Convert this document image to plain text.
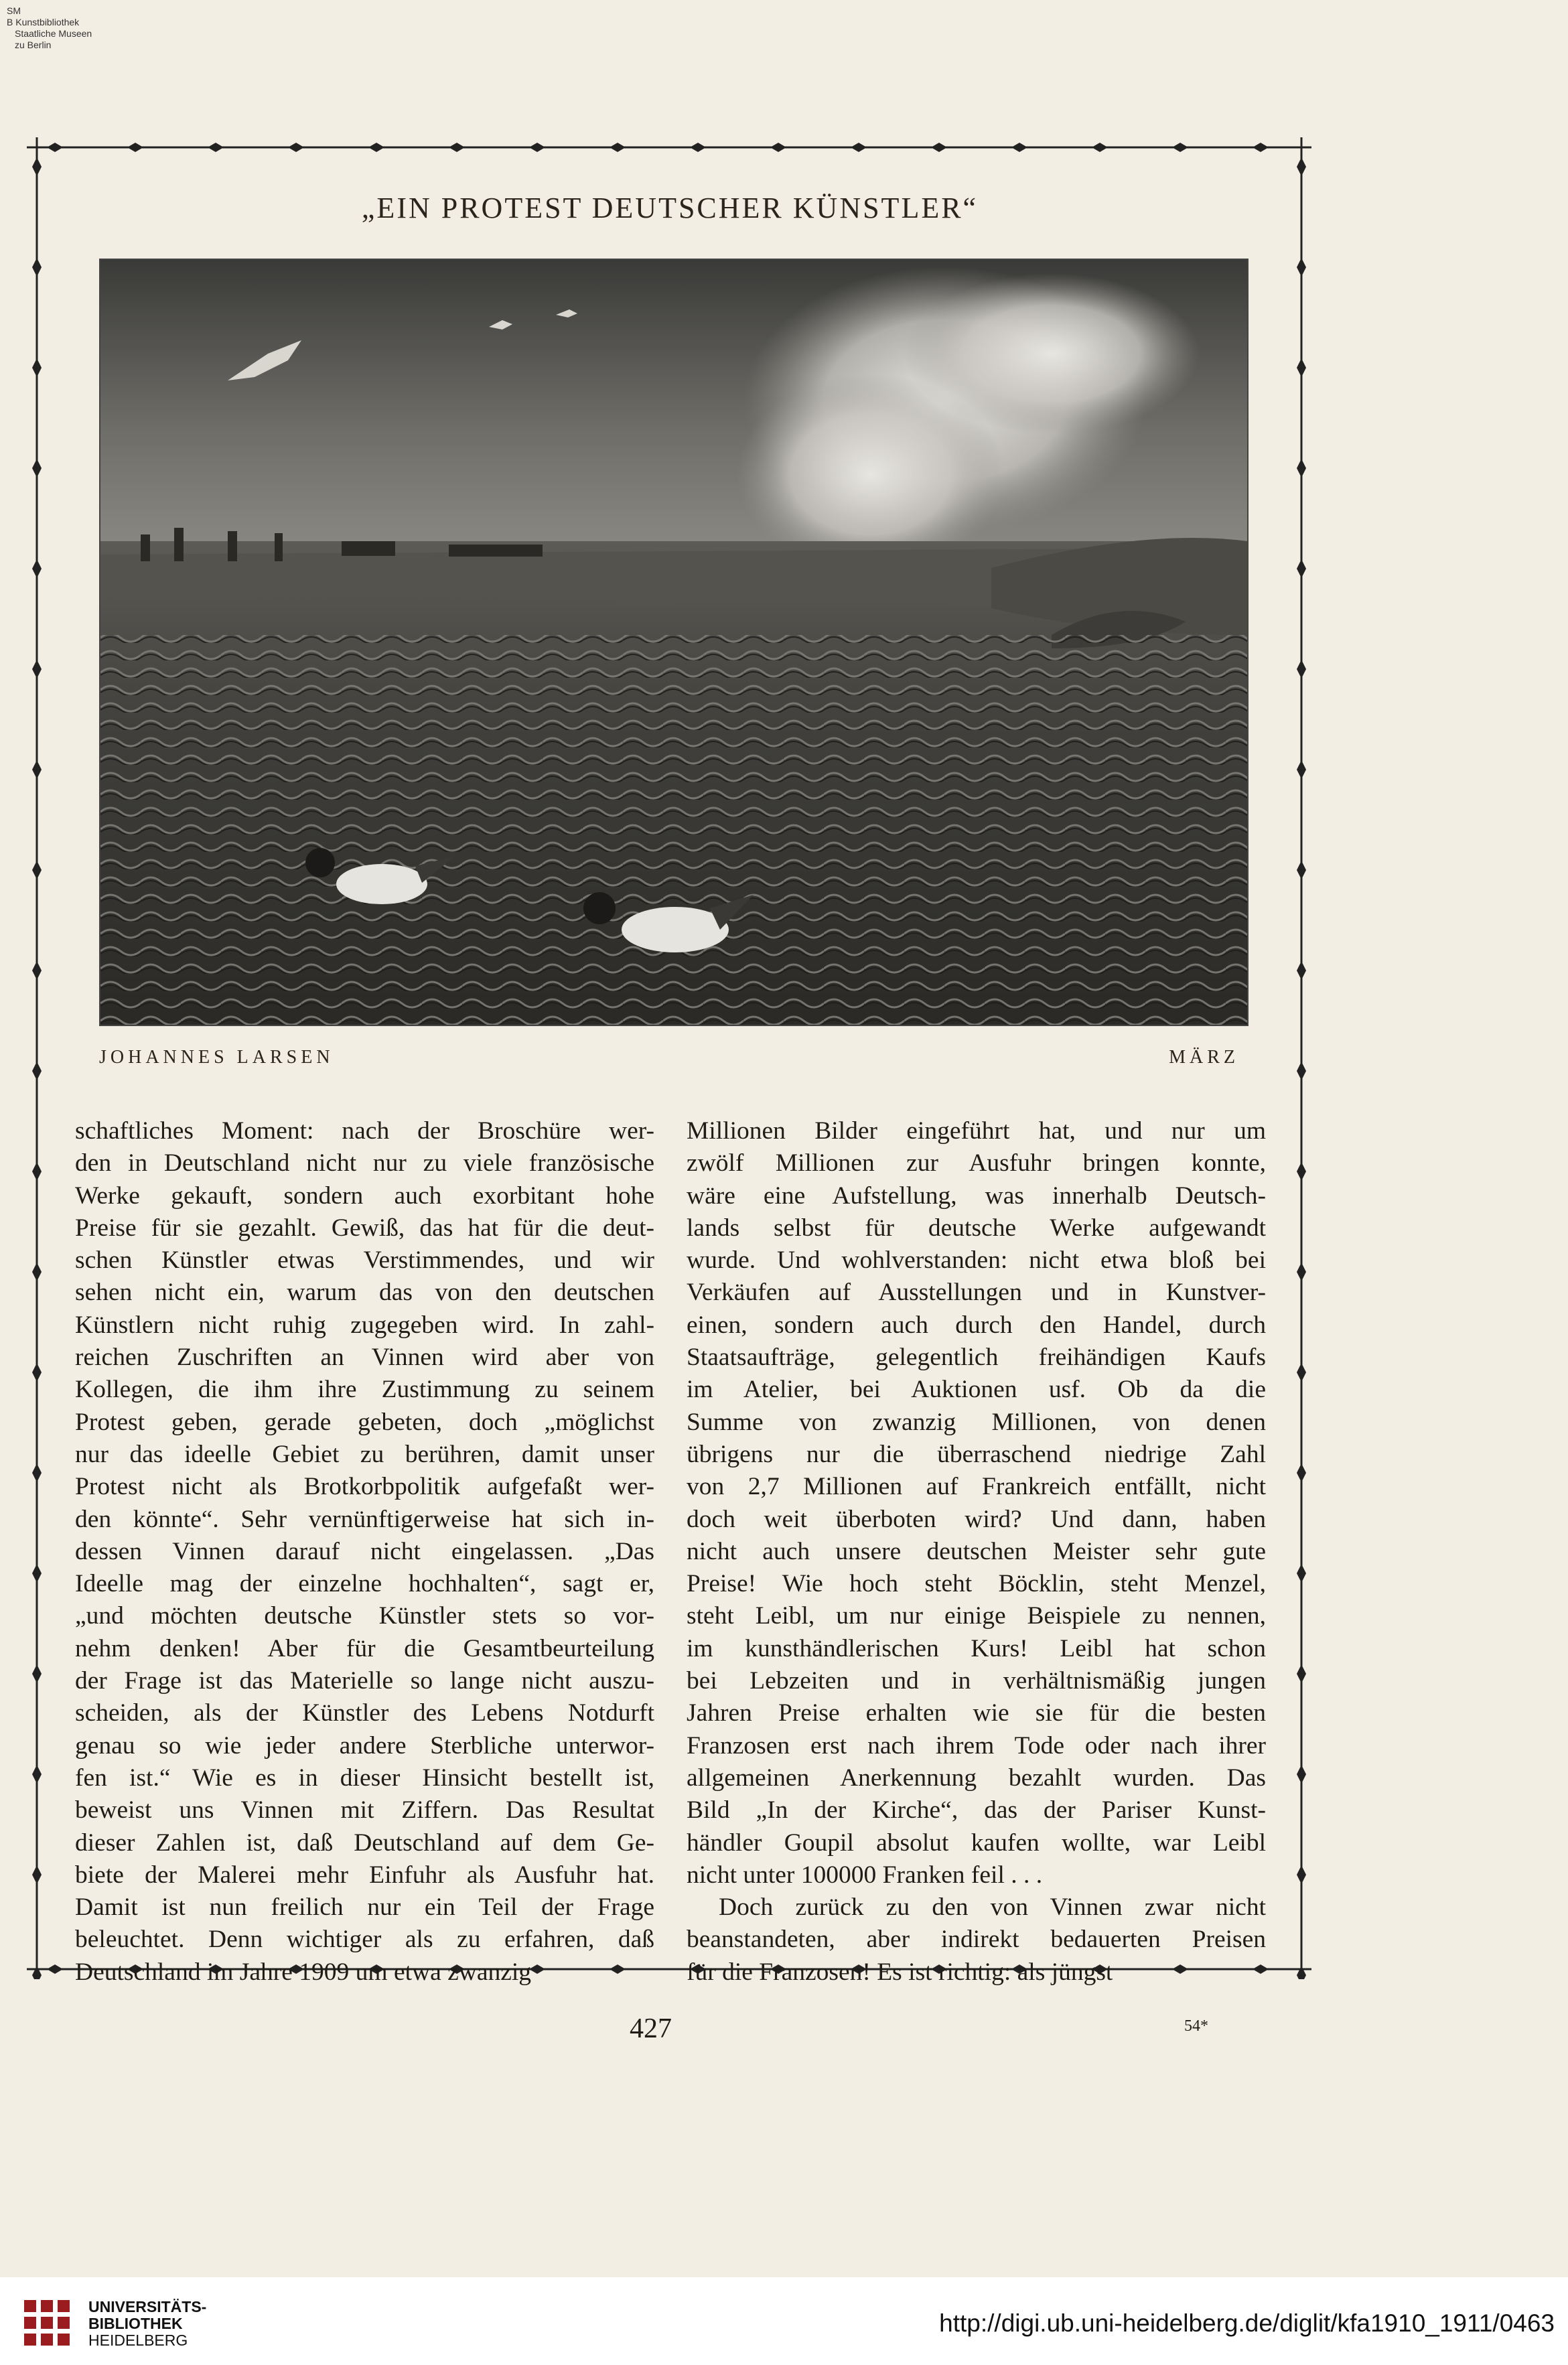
SM
B Kunstbibliothek
Staatliche Museen
zu Berlin
„EIN PROTEST DEUTSCHER KÜNSTLER“
JOHANNES LARSEN	MÄRZ
schaftliches Moment: nach der Broschüre wer-
den in Deutschland nicht nur zu viele französische
Werke gekauft, sondern auch exorbitant hohe
Preise für sie gezahlt. Gewiß, das hat für die deut-
schen Künstler etwas Verstimmendes, und wir
sehen nicht ein, warum das von den deutschen
Künstlern nicht ruhig zugegeben wird. In zahl-
reichen Zuschriften an Vinnen wird aber von
Kollegen, die ihm ihre Zustimmung zu seinem
Protest geben, gerade gebeten, doch „möglichst
nur das ideelle Gebiet zu berühren, damit unser
Protest nicht als Brotkorbpolitik aufgefaßt wer-
den könnte“. Sehr vernünftigerweise hat sich in-
dessen Vinnen darauf nicht eingelassen. „Das
Ideelle mag der einzelne hochhalten“, sagt er,
„und möchten deutsche Künstler stets so vor-
nehm denken! Aber für die Gesamtbeurteilung
der Frage ist das Materielle so lange nicht auszu-
scheiden, als der Künstler des Lebens Notdurft
genau so wie jeder andere Sterbliche unterwor-
fen ist.“ Wie es in dieser Hinsicht bestellt ist,
beweist uns Vinnen mit Ziffern. Das Resultat
dieser Zahlen ist, daß Deutschland auf dem Ge-
biete der Malerei mehr Einfuhr als Ausfuhr hat.
Damit ist nun freilich nur ein Teil der Frage
beleuchtet. Denn wichtiger als zu erfahren, daß
Deutschland im Jahre 1909 um etwa zwanzig
Millionen Bilder eingeführt hat, und nur um
zwölf Millionen zur Ausfuhr bringen konnte,
wäre eine Aufstellung, was innerhalb Deutsch-
lands selbst für deutsche Werke aufgewandt
wurde. Und wohlverstanden: nicht etwa bloß bei
Verkäufen auf Ausstellungen und in Kunstver-
einen, sondern auch durch den Handel, durch
Staatsaufträge, gelegentlich freihändigen Kaufs
im Atelier, bei Auktionen usf. Ob da die
Summe von zwanzig Millionen, von denen
übrigens nur die überraschend niedrige Zahl
von 2,7 Millionen auf Frankreich entfällt, nicht
doch weit überboten wird? Und dann, haben
nicht auch unsere deutschen Meister sehr gute
Preise! Wie hoch steht Böcklin, steht Menzel,
steht Leibl, um nur einige Beispiele zu nennen,
im kunsthändlerischen Kurs! Leibl hat schon
bei Lebzeiten und in verhältnismäßig jungen
Jahren Preise erhalten wie sie für die besten
Franzosen erst nach ihrem Tode oder nach ihrer
allgemeinen Anerkennung bezahlt wurden. Das
Bild „In der Kirche“, das der Pariser Kunst-
händler Goupil absolut kaufen wollte, war Leibl
nicht unter 100000 Franken feil . . .
Doch zurück zu den von Vinnen zwar nicht
beanstandeten, aber indirekt bedauerten Preisen
für die Franzosen! Es ist richtig: als jüngst
427	54*
UNIVERSITÄTS-
BIBLIOTHEK
HEIDELBERG
http://digi.ub.uni-heidelberg.de/diglit/kfa1910_1911/0463
